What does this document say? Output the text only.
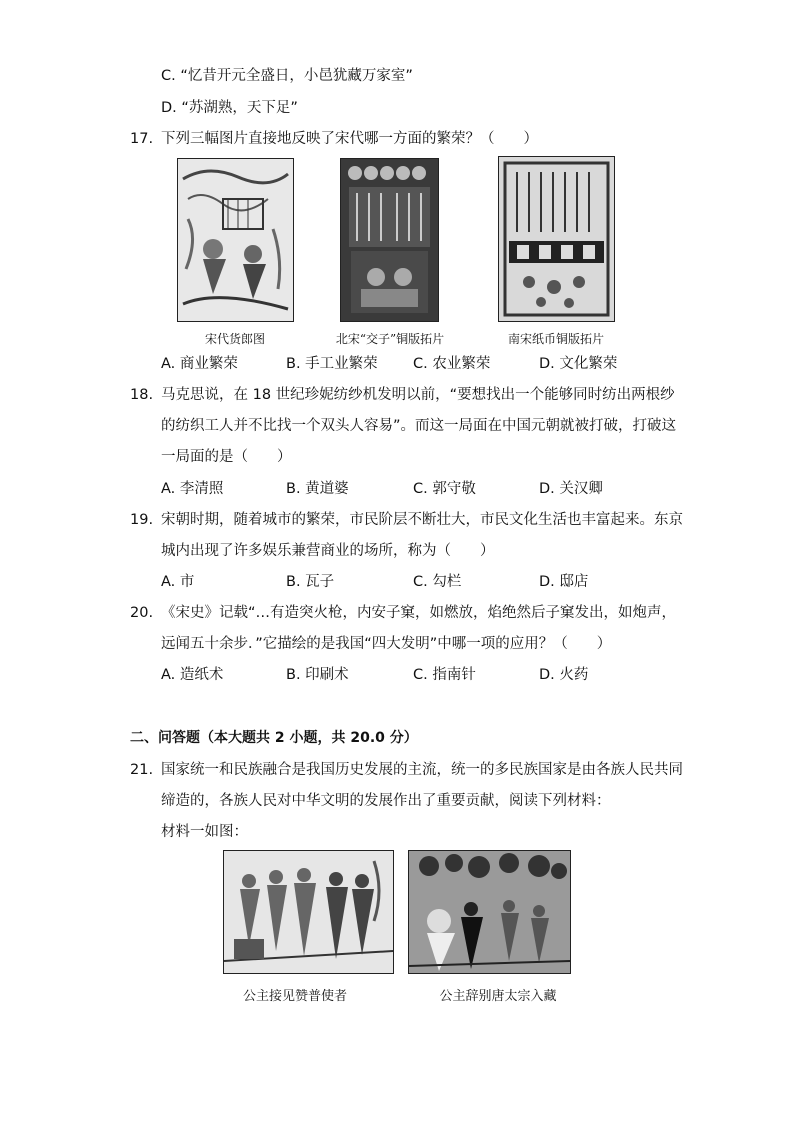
C. “忆昔开元全盛日，小邑犹藏万家室”
D. “苏湖熟，天下足”
17. 下列三幅图片直接地反映了宋代哪一方面的繁荣？（　　）
宋代货郎图	北宋“交子”铜版拓片	南宋纸币铜版拓片
A. 商业繁荣	B. 手工业繁荣 C. 农业繁荣	D. 文化繁荣
18. 马克思说，在 18 世纪珍妮纺纱机发明以前，“要想找出一个能够同时纺出两根纱
的纺织工人并不比找一个双头人容易”。而这一局面在中国元朝就被打破，打破这
一局面的是（　　）
A. 李清照	B. 黄道婆	C. 郭守敬	D. 关汉卿
19. 宋朝时期，随着城市的繁荣，市民阶层不断壮大，市民文化生活也丰富起来。东京
城内出现了许多娱乐兼营商业的场所，称为（　　）
A. 市	B. 瓦子	C. 勾栏	D. 邸店
20. 《宋史》记载“…有造突火枪，内安子窠，如燃放，焰绝然后子窠发出，如炮声，
远闻五十余步．”它描绘的是我国“四大发明”中哪一项的应用？（　　）
A. 造纸术	B. 印刷术	C. 指南针	D. 火药
二、问答题（本大题共 2 小题，共 20.0 分）
21. 国家统一和民族融合是我国历史发展的主流，统一的多民族国家是由各族人民共同
缔造的，各族人民对中华文明的发展作出了重要贡献，阅读下列材料：
材料一如图：
公主接见赞普使者	公主辞别唐太宗入藏
